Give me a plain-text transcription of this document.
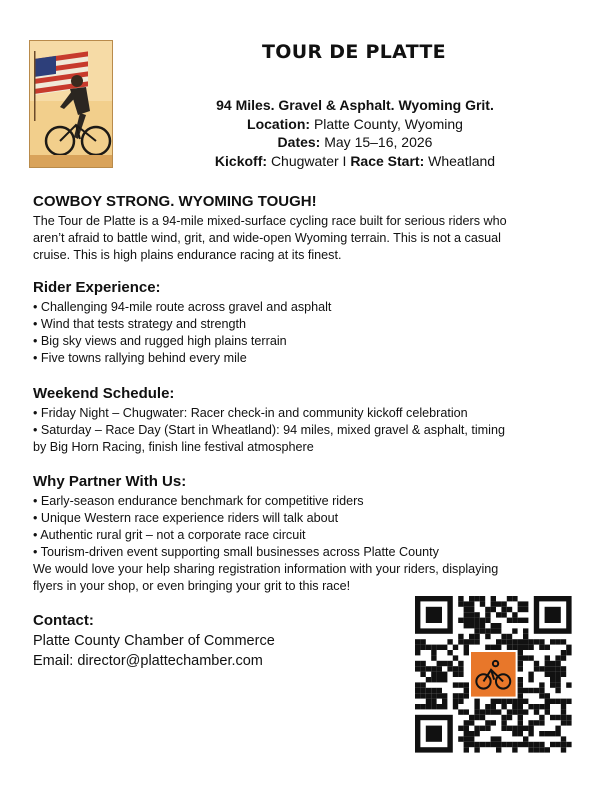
TOUR DE PLATTE
94 Miles. Gravel & Asphalt. Wyoming Grit.
Location: Platte County, Wyoming
Dates: May 15–16, 2026
Kickoff: Chugwater I Race Start: Wheatland
COWBOY STRONG. WYOMING TOUGH!

The Tour de Platte is a 94-mile mixed-surface cycling race built for serious riders who

aren’t afraid to battle wind, grit, and wide-open Wyoming terrain. This is not a casual

cruise. This is high plains endurance racing at its finest.

Rider Experience:

• Challenging 94-mile route across gravel and asphalt

• Wind that tests strategy and strength

• Big sky views and rugged high plains terrain

• Five towns rallying behind every mile

Weekend Schedule:

• Friday Night – Chugwater: Racer check-in and community kickoff celebration

• Saturday – Race Day (Start in Wheatland): 94 miles, mixed gravel & asphalt, timing

by Big Horn Racing, finish line festival atmosphere

Why Partner With Us:

• Early-season endurance benchmark for competitive riders

• Unique Western race experience riders will talk about

• Authentic rural grit – not a corporate race circuit

• Tourism-driven event supporting small businesses across Platte County

We would love your help sharing registration information with your riders, displaying

flyers in your shop, or even bringing your grit to this race!

Contact:
Platte County Chamber of Commerce
Email: director@plattechamber.com
